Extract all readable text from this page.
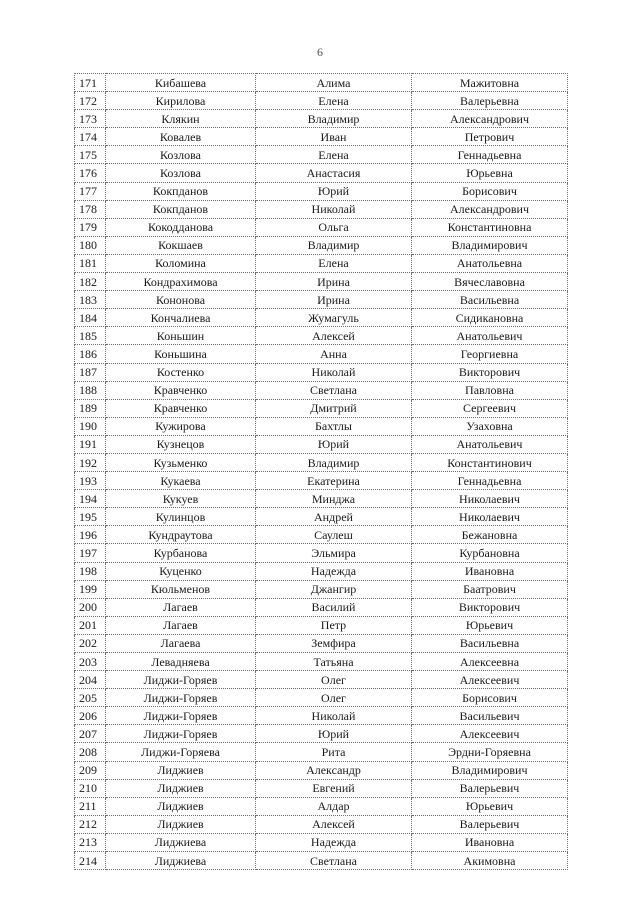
6
171	Кибашева	Алима	Мажитовна
172	Кирилова	Елена	Валерьевна
173	Клякин	Владимир	Александрович
174	Ковалев	Иван	Петрович
175	Козлова	Елена	Геннадьевна
176	Козлова	Анастасия	Юрьевна
177	Кокпданов	Юрий	Борисович
178	Кокпданов	Николай	Александрович
179	Кокодданова	Ольга	Константиновна
180	Кокшаев	Владимир	Владимирович
181	Коломина	Елена	Анатольевна
182	Кондрахимова	Ирина	Вячеславовна
183	Кононова	Ирина	Васильевна
184	Кончалиева	Жумагуль	Сидикановна
185	Коньшин	Алексей	Анатольевич
186	Коньшина	Анна	Георгиевна
187	Костенко	Николай	Викторович
188	Кравченко	Светлана	Павловна
189	Кравченко	Дмитрий	Сергеевич
190	Кужирова	Бахтлы	Узаховна
191	Кузнецов	Юрий	Анатольевич
192	Кузьменко	Владимир	Константинович
193	Кукаева	Екатерина	Геннадьевна
194	Кукуев	Минджа	Николаевич
195	Кулинцов	Андрей	Николаевич
196	Кундраутова	Саулеш	Бежановна
197	Курбанова	Эльмира	Курбановна
198	Куценко	Надежда	Ивановна
199	Кюльменов	Джангир	Баатрович
200	Лагаев	Василий	Викторович
201	Лагаев	Петр	Юрьевич
202	Лагаева	Земфира	Васильевна
203	Левадняева	Татьяна	Алексеевна
204	Лиджи-Горяев	Олег	Алексеевич
205	Лиджи-Горяев	Олег	Борисович
206	Лиджи-Горяев	Николай	Васильевич
207	Лиджи-Горяев	Юрий	Алексеевич
208	Лиджи-Горяева	Рита	Эрдни-Горяевна
209	Лиджиев	Александр	Владимирович
210	Лиджиев	Евгений	Валерьевич
211	Лиджиев	Алдар	Юрьевич
212	Лиджиев	Алексей	Валерьевич
213	Лиджиева	Надежда	Ивановна
214	Лиджиева	Светлана	Акимовна
